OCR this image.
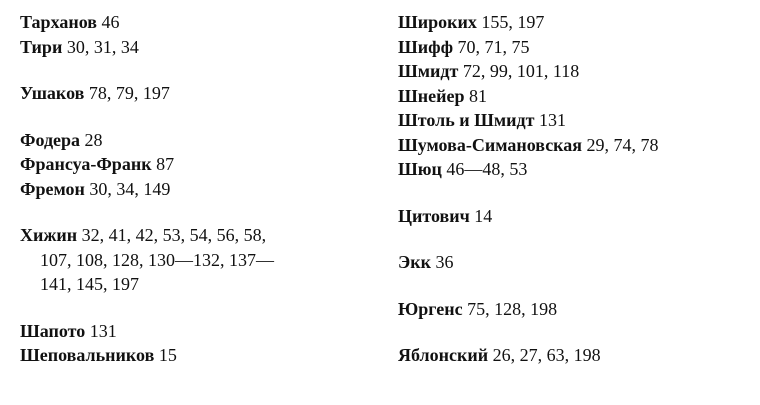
Тарханов 46
Тири 30, 31, 34
Ушаков 78, 79, 197
Фодера 28
Франсуа-Франк 87
Фремон 30, 34, 149
Хижин 32, 41, 42, 53, 54, 56, 58,
107, 108, 128, 130—132, 137—
141, 145, 197
Шапото 131
Шеповальников 15
Широких 155, 197
Шифф 70, 71, 75
Шмидт 72, 99, 101, 118
Шнейер 81
Штоль и Шмидт 131
Шумова-Симановская 29, 74, 78
Шюц 46—48, 53
Цитович 14
Экк 36
Юргенс 75, 128, 198
Яблонский 26, 27, 63, 198
